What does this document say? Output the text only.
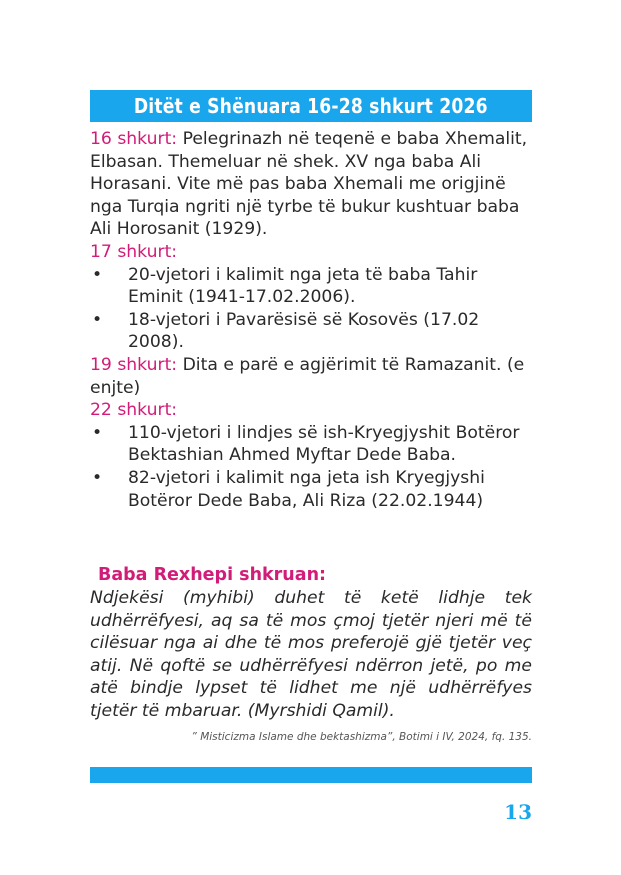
Ditët e Shënuara 16-28 shkurt 2026

16 shkurt: Pelegrinazh në teqenë e baba Xhemalit, Elbasan. Themeluar në shek. XV nga baba Ali Horasani. Vite më pas baba Xhemali me origjinë nga Turqia ngriti një tyrbe të bukur kushtuar baba Ali Horosanit (1929).

17 shkurt:

• 20-vjetori i kalimit nga jeta të baba Tahir Eminit (1941-17.02.2006).
• 18-vjetori i Pavarësisë së Kosovës (17.02 2008).

19 shkurt: Dita e parë e agjërimit të Ramazanit. (e enjte)

22 shkurt:

• 110-vjetori i lindjes së ish-Kryegjyshit Botëror Bektashian Ahmed Myftar Dede Baba.
• 82-vjetori i kalimit nga jeta ish Kryegjyshi Botëror Dede Baba, Ali Riza (22.02.1944)
Baba Rexhepi shkruan:
Ndjekësi (myhibi) duhet të ketë lidhje tek udhërrëfyesi, aq sa të mos çmoj tjetër njeri më të cilësuar nga ai dhe të mos preferojë gjë tjetër veç atij. Në qoftë se udhërrëfyesi ndërron jetë, po me atë bindje lypset të lidhet me një udhërrëfyes tjetër të mbaruar. (Myrshidi Qamil).
” Misticizma Islame dhe bektashizma”, Botimi i IV, 2024, fq. 135.
13
